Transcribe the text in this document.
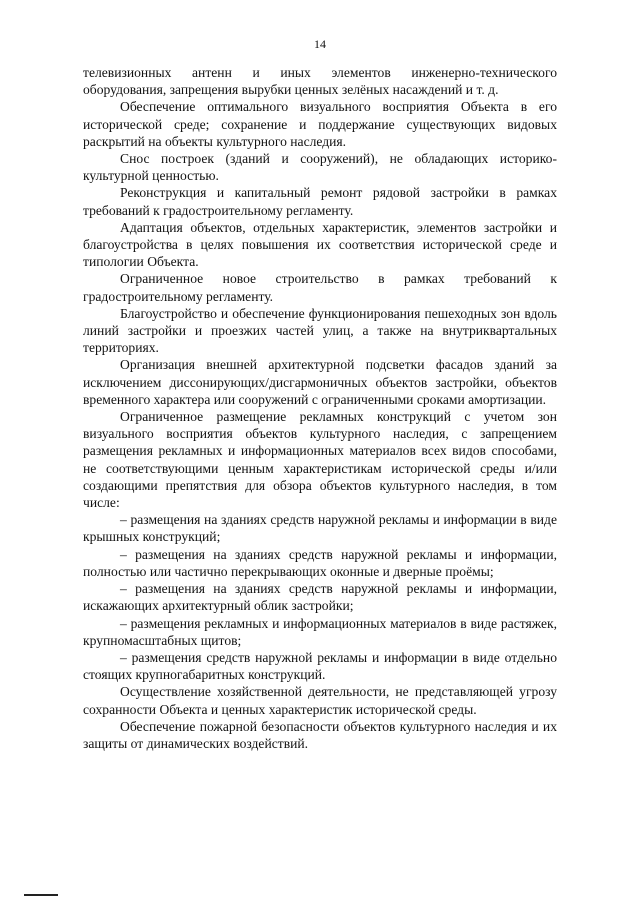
14

телевизионных антенн и иных элементов инженерно-технического оборудования, запрещения вырубки ценных зелёных насаждений и т. д.

Обеспечение оптимального визуального восприятия Объекта в его исторической среде; сохранение и поддержание существующих видовых раскрытий на объекты культурного наследия.

Снос построек (зданий и сооружений), не обладающих историко-культурной ценностью.

Реконструкция и капитальный ремонт рядовой застройки в рамках требований к градостроительному регламенту.

Адаптация объектов, отдельных характеристик, элементов застройки и благоустройства в целях повышения их соответствия исторической среде и типологии Объекта.

Ограниченное новое строительство в рамках требований к градостроительному регламенту.

Благоустройство и обеспечение функционирования пешеходных зон вдоль линий застройки и проезжих частей улиц, а также на внутриквартальных территориях.

Организация внешней архитектурной подсветки фасадов зданий за исключением диссонирующих/дисгармоничных объектов застройки, объектов временного характера или сооружений с ограниченными сроками амортизации.

Ограниченное размещение рекламных конструкций с учетом зон визуального восприятия объектов культурного наследия, с запрещением размещения рекламных и информационных материалов всех видов способами, не соответствующими ценным характеристикам исторической среды и/или создающими препятствия для обзора объектов культурного наследия, в том числе:

– размещения на зданиях средств наружной рекламы и информации в виде крышных конструкций;

– размещения на зданиях средств наружной рекламы и информации, полностью или частично перекрывающих оконные и дверные проёмы;

– размещения на зданиях средств наружной рекламы и информации, искажающих архитектурный облик застройки;

– размещения рекламных и информационных материалов в виде растяжек, крупномасштабных щитов;

– размещения средств наружной рекламы и информации в виде отдельно стоящих крупногабаритных конструкций.

Осуществление хозяйственной деятельности, не представляющей угрозу сохранности Объекта и ценных характеристик исторической среды.

Обеспечение пожарной безопасности объектов культурного наследия и их защиты от динамических воздействий.
